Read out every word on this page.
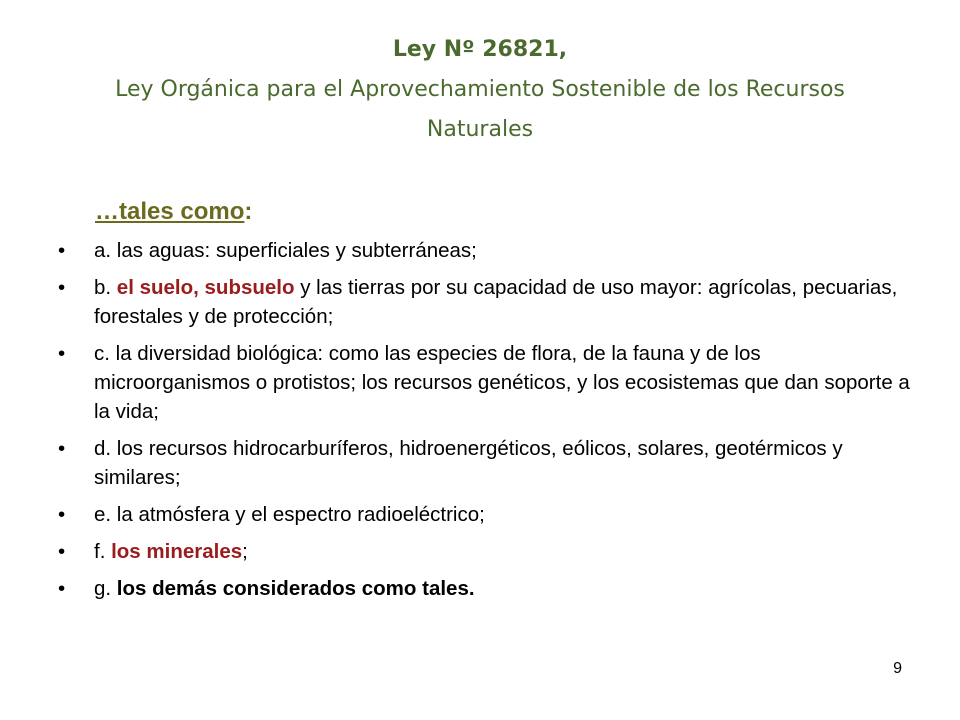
Ley Nº 26821,
Ley Orgánica para el Aprovechamiento Sostenible de los Recursos Naturales
…tales como:
• a. las aguas: superficiales y subterráneas;
• b. el suelo, subsuelo y las tierras por su capacidad de uso mayor: agrícolas, pecuarias, forestales y de protección;
• c. la diversidad biológica: como las especies de flora, de la fauna y de los microorganismos o protistos; los recursos genéticos, y los ecosistemas que dan soporte a la vida;
• d. los recursos hidrocarburíferos, hidroenergéticos, eólicos, solares, geotérmicos y similares;
• e. la atmósfera y el espectro radioeléctrico;
• f. los minerales;
• g. los demás considerados como tales.
9
